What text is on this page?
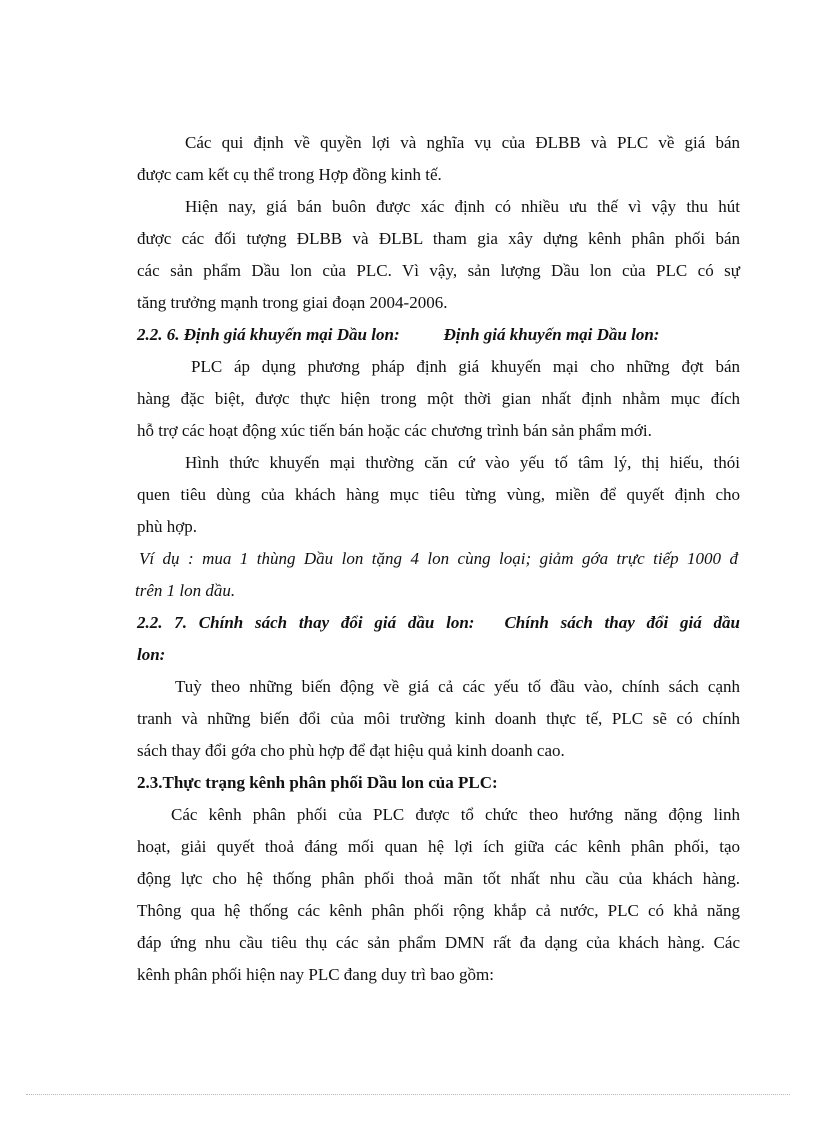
Các qui định về quyền lợi và nghĩa vụ của ĐLBB và PLC về giá bán
được cam kết cụ thể trong Hợp đồng kinh tế.
Hiện nay, giá bán buôn được xác định có nhiều ưu thế vì vậy thu hút
được các đối tượng ĐLBB và ĐLBL tham gia xây dựng kênh phân phối bán
các sản phẩm Dầu lon của PLC. Vì vậy, sản lượng Dầu lon của PLC có sự
tăng trưởng mạnh trong giai đoạn 2004-2006.
2.2. 6. Định giá khuyến mại Dầu lon:	Định giá khuyến mại Dầu lon:
PLC áp dụng phương pháp định giá khuyến mại cho những đợt bán
hàng đặc biệt, được thực hiện trong một thời gian nhất định nhằm mục đích
hỗ trợ các hoạt động xúc tiến bán hoặc các chương trình bán sản phẩm mới.
Hình thức khuyến mại thường căn cứ vào yếu tố tâm lý, thị hiếu, thói
quen tiêu dùng của khách hàng mục tiêu từng vùng, miền để quyết định cho
phù hợp.
Ví dụ : mua 1 thùng Dầu lon tặng 4 lon cùng loại; giảm gớa trực tiếp 1000 đ
trên 1 lon dầu.
2.2. 7. Chính sách thay đổi giá dầu lon: Chính sách thay đổi giá dầu
lon:
Tuỳ theo những biến động về giá cả các yếu tố đầu vào, chính sách cạnh
tranh và những biến đổi của môi trường kinh doanh thực tế, PLC sẽ có chính
sách thay đổi gớa cho phù hợp để đạt hiệu quả kinh doanh cao.
2.3.Thực trạng kênh phân phối Dầu lon của PLC:
Các kênh phân phối của PLC được tổ chức theo hướng năng động linh
hoạt, giải quyết thoả đáng mối quan hệ lợi ích giữa các kênh phân phối, tạo
động lực cho hệ thống phân phối thoả mãn tốt nhất nhu cầu của khách hàng.
Thông qua hệ thống các kênh phân phối rộng khắp cả nước, PLC có khả năng
đáp ứng nhu cầu tiêu thụ các sản phẩm DMN rất đa dạng của khách hàng. Các
kênh phân phối hiện nay PLC đang duy trì bao gồm:
